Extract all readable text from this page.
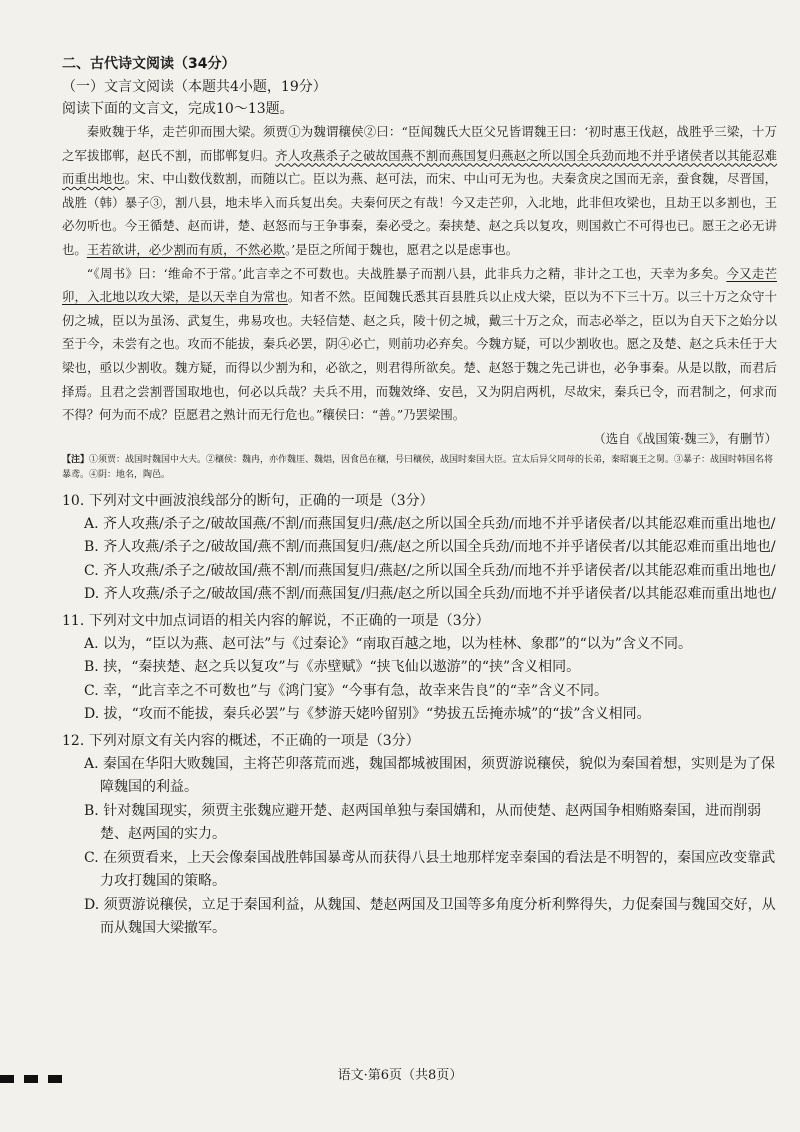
二、古代诗文阅读（34分）

（一）文言文阅读（本题共4小题，19分）

阅读下面的文言文，完成10～13题。

秦败魏于华，走芒卯而围大梁。须贾①为魏谓穰侯②曰：“臣闻魏氏大臣父兄皆谓魏王曰：‘初时惠王伐赵，战胜乎三梁，十万之军拔邯郸，赵氏不割，而邯郸复归。齐人攻燕杀子之破故国燕不割而燕国复归燕赵之所以国全兵劲而地不并乎诸侯者以其能忍难而重出地也。宋、中山数伐数割，而随以亡。臣以为燕、赵可法，而宋、中山可无为也。夫秦贪戾之国而无亲，蚕食魏，尽晋国，战胜（韩）暴子③，割八县，地未毕入而兵复出矣。夫秦何厌之有哉！今又走芒卯，入北地，此非但攻梁也，且劫王以多割也，王必勿听也。今王循楚、赵而讲，楚、赵怒而与王争事秦，秦必受之。秦挟楚、赵之兵以复攻，则国救亡不可得也已。愿王之必无讲也。王若欲讲，必少割而有质，不然必欺。’是臣之所闻于魏也，愿君之以是虑事也。

“《周书》曰：‘维命不于常。’此言幸之不可数也。夫战胜暴子而割八县，此非兵力之精，非计之工也，天幸为多矣。今又走芒卯，入北地以攻大梁，是以天幸自为常也。知者不然。臣闻魏氏悉其百县胜兵以止戍大梁，臣以为不下三十万。以三十万之众守十仞之城，臣以为虽汤、武复生，弗易攻也。夫轻信楚、赵之兵，陵十仞之城，戴三十万之众，而志必举之，臣以为自天下之始分以至于今，未尝有之也。攻而不能拔，秦兵必罢，阴④必亡，则前功必弃矣。今魏方疑，可以少割收也。愿之及楚、赵之兵未任于大梁也，亟以少割收。魏方疑，而得以少割为和，必欲之，则君得所欲矣。楚、赵怒于魏之先己讲也，必争事秦。从是以散，而君后择焉。且君之尝割晋国取地也，何必以兵哉？夫兵不用，而魏效绛、安邑，又为阴启两机，尽故宋，秦兵已令，而君制之，何求而不得？何为而不成？臣愿君之熟计而无行危也。”穰侯曰：“善。”乃罢梁围。

（选自《战国策·魏三》，有删节）

【注】①须贾：战国时魏国中大夫。②穰侯：魏冉，亦作魏厓、魏焻，因食邑在穰，号曰穰侯，战国时秦国大臣。宣太后异父同母的长弟，秦昭襄王之舅。③暴子：战国时韩国名将暴鸢。④阴：地名，陶邑。

10. 下列对文中画波浪线部分的断句，正确的一项是（3分）

A. 齐人攻燕/杀子之/破故国燕/不割/而燕国复归/燕/赵之所以国全兵劲/而地不并乎诸侯者/以其能忍难而重出地也/

B. 齐人攻燕/杀子之/破故国/燕不割/而燕国复归/燕/赵之所以国全兵劲/而地不并乎诸侯者/以其能忍难而重出地也/

C. 齐人攻燕/杀子之/破故国/燕不割/而燕国复归/燕赵/之所以国全兵劲/而地不并乎诸侯者/以其能忍难而重出地也/

D. 齐人攻燕/杀子之/破故国/燕不割/而燕国复/归燕/赵之所以国全兵劲/而地不并乎诸侯者/以其能忍难而重出地也/

11. 下列对文中加点词语的相关内容的解说，不正确的一项是（3分）

A. 以为，“臣以为燕、赵可法”与《过秦论》“南取百越之地，以为桂林、象郡”的“以为”含义不同。

B. 挟，“秦挟楚、赵之兵以复攻”与《赤壁赋》“挟飞仙以遨游”的“挟”含义相同。

C. 幸，“此言幸之不可数也”与《鸿门宴》“今事有急，故幸来告良”的“幸”含义不同。

D. 拔，“攻而不能拔，秦兵必罢”与《梦游天姥吟留别》“势拔五岳掩赤城”的“拔”含义相同。

12. 下列对原文有关内容的概述，不正确的一项是（3分）

A. 秦国在华阳大败魏国，主将芒卯落荒而逃，魏国都城被围困，须贾游说穰侯，貌似为秦国着想，实则是为了保障魏国的利益。

B. 针对魏国现实，须贾主张魏应避开楚、赵两国单独与秦国媾和，从而使楚、赵两国争相贿赂秦国，进而削弱楚、赵两国的实力。

C. 在须贾看来，上天会像秦国战胜韩国暴鸢从而获得八县土地那样宠幸秦国的看法是不明智的，秦国应改变靠武力攻打魏国的策略。

D. 须贾游说穰侯，立足于秦国利益，从魏国、楚赵两国及卫国等多角度分析利弊得失，力促秦国与魏国交好，从而从魏国大梁撤军。

语文·第6页（共8页）
